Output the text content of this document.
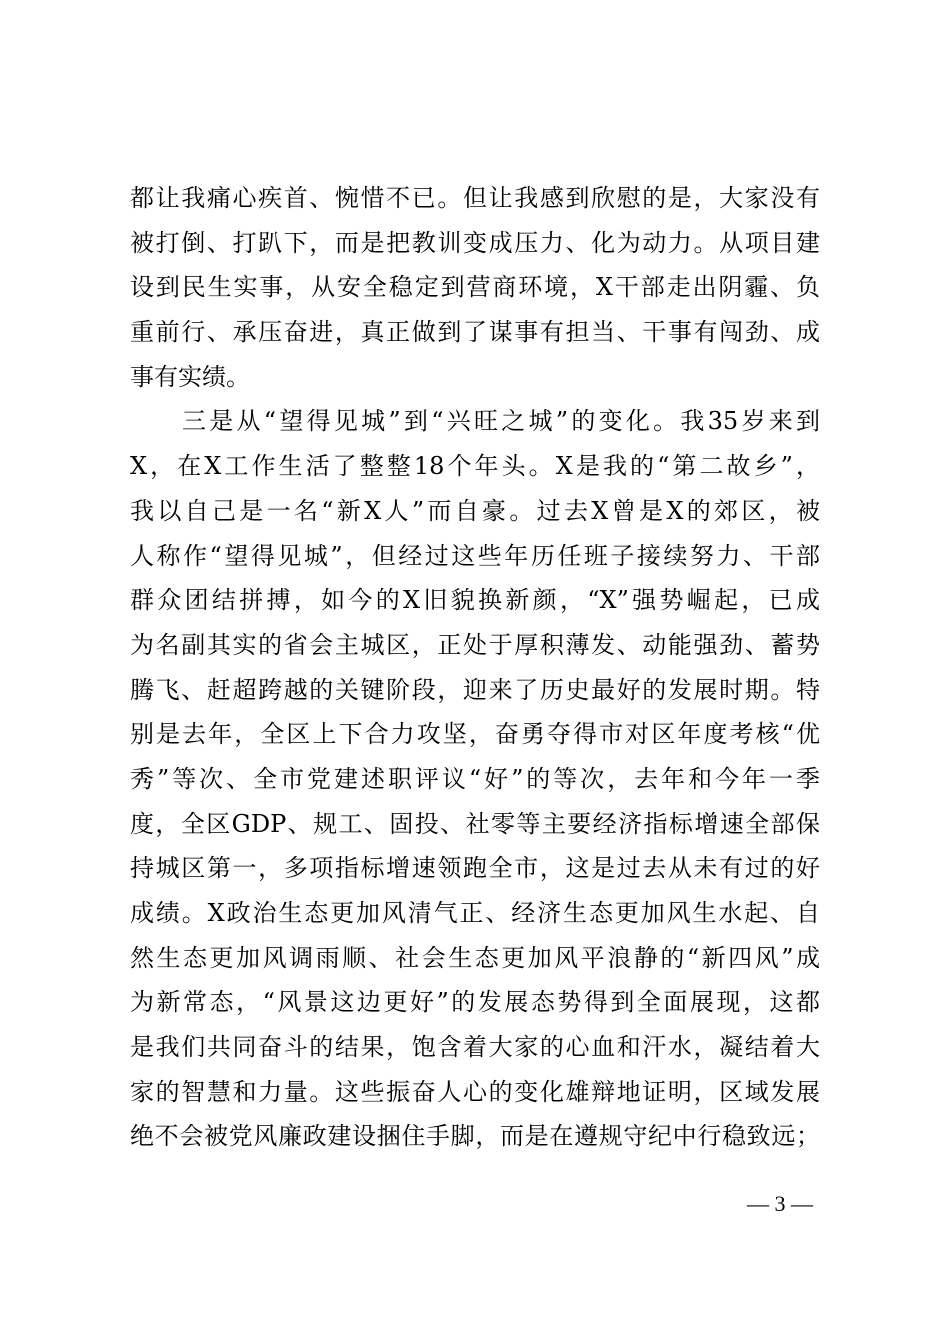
都让我痛心疾首、惋惜不已。但让我感到欣慰的是，大家没有
被打倒、打趴下，而是把教训变成压力、化为动力。从项目建
设到民生实事，从安全稳定到营商环境，X干部走出阴霾、负
重前行、承压奋进，真正做到了谋事有担当、干事有闯劲、成
事有实绩。
三是从“望得见城”到“兴旺之城”的变化。我35岁来到
X，在X工作生活了整整18个年头。X是我的“第二故乡”，
我以自己是一名“新X人”而自豪。过去X曾是X的郊区，被
人称作“望得见城”，但经过这些年历任班子接续努力、干部
群众团结拼搏，如今的X旧貌换新颜，“X”强势崛起，已成
为名副其实的省会主城区，正处于厚积薄发、动能强劲、蓄势
腾飞、赶超跨越的关键阶段，迎来了历史最好的发展时期。特
别是去年，全区上下合力攻坚，奋勇夺得市对区年度考核“优
秀”等次、全市党建述职评议“好”的等次，去年和今年一季
度，全区GDP、规工、固投、社零等主要经济指标增速全部保
持城区第一，多项指标增速领跑全市，这是过去从未有过的好
成绩。X政治生态更加风清气正、经济生态更加风生水起、自
然生态更加风调雨顺、社会生态更加风平浪静的“新四风”成
为新常态，“风景这边更好”的发展态势得到全面展现，这都
是我们共同奋斗的结果，饱含着大家的心血和汗水，凝结着大
家的智慧和力量。这些振奋人心的变化雄辩地证明，区域发展
绝不会被党风廉政建设捆住手脚，而是在遵规守纪中行稳致远；
— 3 —
